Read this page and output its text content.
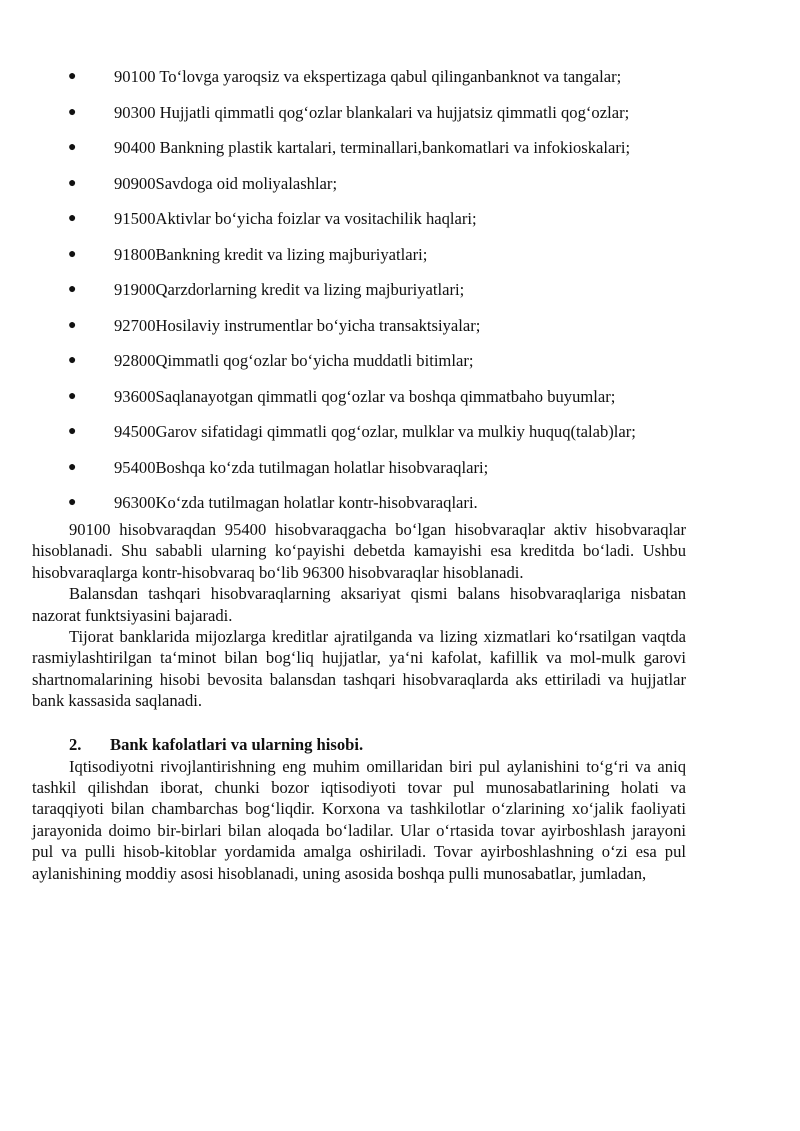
● 90100 To‘lovga yaroqsiz va ekspertizaga qabul qilinganbanknot va tangalar;
● 90300 Hujjatli qimmatli qog‘ozlar blankalari va hujjatsiz qimmatli qog‘ozlar;
● 90400 Bankning plastik kartalari, terminallari,bankomatlari va infokioskalari;
● 90900Savdoga oid moliyalashlar;
● 91500Aktivlar bo‘yicha foizlar va vositachilik haqlari;
● 91800Bankning kredit va lizing majburiyatlari;
● 91900Qarzdorlarning kredit va lizing majburiyatlari;
● 92700Hosilaviy instrumentlar bo‘yicha transaktsiyalar;
● 92800Qimmatli qog‘ozlar bo‘yicha muddatli bitimlar;
● 93600Saqlanayotgan qimmatli qog‘ozlar va boshqa qimmatbaho buyumlar;
● 94500Garov sifatidagi qimmatli qog‘ozlar, mulklar va mulkiy huquq(talab)lar;
● 95400Boshqa ko‘zda tutilmagan holatlar hisobvaraqlari;
● 96300Ko‘zda tutilmagan holatlar kontr-hisobvaraqlari.

90100 hisobvaraqdan 95400 hisobvaraqgacha bo‘lgan hisobvaraqlar aktiv hisobvaraqlar hisoblanadi. Shu sababli ularning ko‘payishi debetda kamayishi esa kreditda bo‘ladi. Ushbu hisobvaraqlarga kontr-hisobvaraq bo‘lib 96300 hisobvaraqlar hisoblanadi.

Balansdan tashqari hisobvaraqlarning aksariyat qismi balans hisobvaraqlariga nisbatan nazorat funktsiyasini bajaradi.

Tijorat banklarida mijozlarga kreditlar ajratilganda va lizing xizmatlari ko‘rsatilgan vaqtda rasmiylashtirilgan ta‘minot bilan bog‘liq hujjatlar, ya‘ni kafolat, kafillik va mol-mulk garovi shartnomalarining hisobi bevosita balansdan tashqari hisobvaraqlarda aks ettiriladi va hujjatlar bank kassasida saqlanadi.

2. Bank kafolatlari va ularning hisobi.

Iqtisodiyotni rivojlantirishning eng muhim omillaridan biri pul aylanishini to‘g‘ri va aniq tashkil qilishdan iborat, chunki bozor iqtisodiyoti tovar pul munosabatlarining holati va taraqqiyoti bilan chambarchas bog‘liqdir. Korxona va tashkilotlar o‘zlarining xo‘jalik faoliyati jarayonida doimo bir-birlari bilan aloqada bo‘ladilar. Ular o‘rtasida tovar ayirboshlash jarayoni pul va pulli hisob-kitoblar yordamida amalga oshiriladi. Tovar ayirboshlashning o‘zi esa pul aylanishining moddiy asosi hisoblanadi, uning asosida boshqa pulli munosabatlar, jumladan,
